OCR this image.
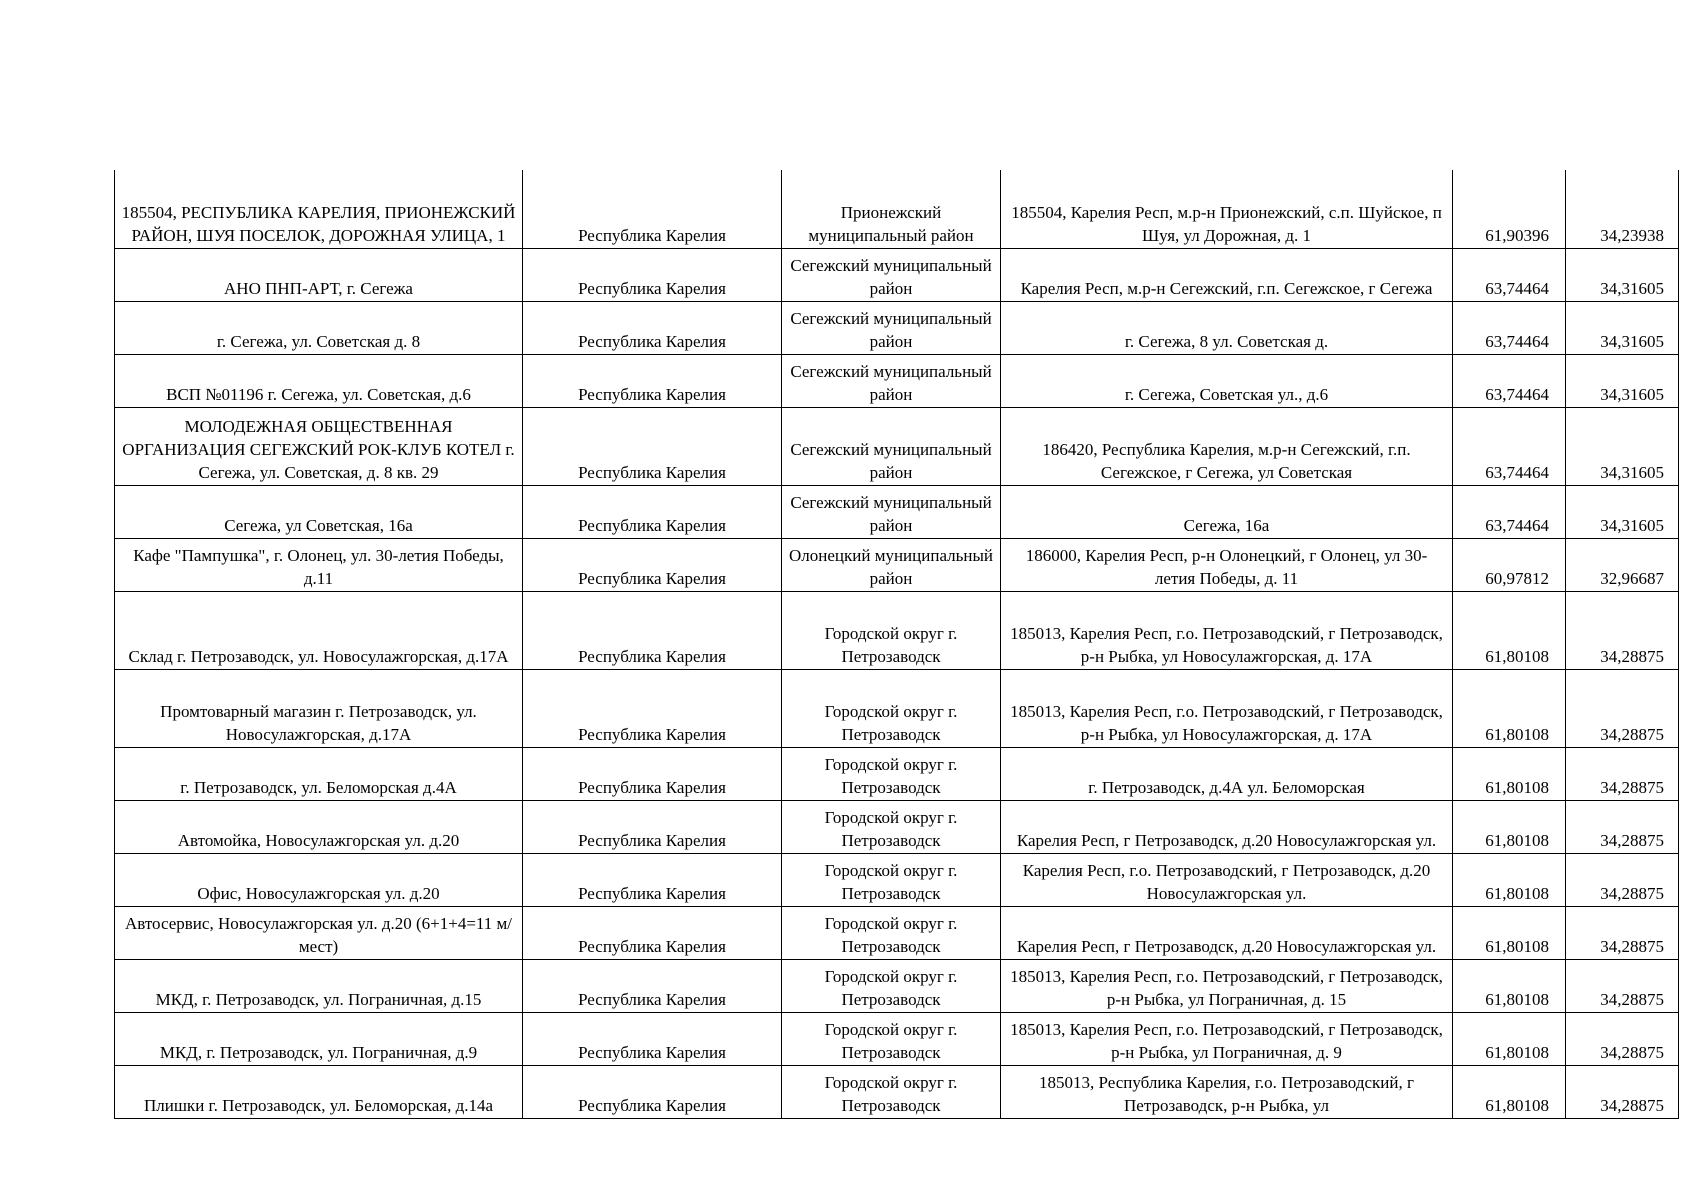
185504, РЕСПУБЛИКА КАРЕЛИЯ, ПРИОНЕЖСКИЙ РАЙОН, ШУЯ ПОСЕЛОК, ДОРОЖНАЯ УЛИЦА, 1	Республика Карелия	Прионежский муниципальный район	185504, Карелия Респ, м.р-н Прионежский, с.п. Шуйское, п Шуя, ул Дорожная, д. 1	61,90396	34,23938
АНО ПНП-АРТ, г. Сегежа	Республика Карелия	Сегежский муниципальный район	Карелия Респ, м.р-н Сегежский, г.п. Сегежское, г Сегежа	63,74464	34,31605
г. Сегежа, ул. Советская д. 8	Республика Карелия	Сегежский муниципальный район	г. Сегежа, 8 ул. Советская д.	63,74464	34,31605
ВСП №01196 г. Сегежа, ул. Советская, д.6	Республика Карелия	Сегежский муниципальный район	г. Сегежа, Советская ул., д.6	63,74464	34,31605
МОЛОДЕЖНАЯ ОБЩЕСТВЕННАЯ ОРГАНИЗАЦИЯ СЕГЕЖСКИЙ РОК-КЛУБ КОТЕЛ г. Сегежа, ул. Советская, д. 8 кв. 29	Республика Карелия	Сегежский муниципальный район	186420, Республика Карелия, м.р-н Сегежский, г.п. Сегежское, г Сегежа, ул Советская	63,74464	34,31605
Сегежа, ул Советская, 16а	Республика Карелия	Сегежский муниципальный район	Сегежа, 16а	63,74464	34,31605
Кафе "Пампушка", г. Олонец, ул. 30-летия Победы, д.11	Республика Карелия	Олонецкий муниципальный район	186000, Карелия Респ, р-н Олонецкий, г Олонец, ул 30-летия Победы, д. 11	60,97812	32,96687
Склад г. Петрозаводск, ул. Новосулажгорская, д.17А	Республика Карелия	Городской округ г. Петрозаводск	185013, Карелия Респ, г.о. Петрозаводский, г Петрозаводск, р-н Рыбка, ул Новосулажгорская, д. 17А	61,80108	34,28875
Промтоварный магазин г. Петрозаводск, ул. Новосулажгорская, д.17А	Республика Карелия	Городской округ г. Петрозаводск	185013, Карелия Респ, г.о. Петрозаводский, г Петрозаводск, р-н Рыбка, ул Новосулажгорская, д. 17А	61,80108	34,28875
г. Петрозаводск, ул. Беломорская д.4А	Республика Карелия	Городской округ г. Петрозаводск	г. Петрозаводск, д.4А ул. Беломорская	61,80108	34,28875
Автомойка, Новосулажгорская ул. д.20	Республика Карелия	Городской округ г. Петрозаводск	Карелия Респ, г Петрозаводск, д.20 Новосулажгорская ул.	61,80108	34,28875
Офис, Новосулажгорская ул. д.20	Республика Карелия	Городской округ г. Петрозаводск	Карелия Респ, г.о. Петрозаводский, г Петрозаводск, д.20 Новосулажгорская ул.	61,80108	34,28875
Автосервис, Новосулажгорская ул. д.20 (6+1+4=11 м/мест)	Республика Карелия	Городской округ г. Петрозаводск	Карелия Респ, г Петрозаводск, д.20 Новосулажгорская ул.	61,80108	34,28875
МКД, г. Петрозаводск, ул. Пограничная, д.15	Республика Карелия	Городской округ г. Петрозаводск	185013, Карелия Респ, г.о. Петрозаводский, г Петрозаводск, р-н Рыбка, ул Пограничная, д. 15	61,80108	34,28875
МКД, г. Петрозаводск, ул. Пограничная, д.9	Республика Карелия	Городской округ г. Петрозаводск	185013, Карелия Респ, г.о. Петрозаводский, г Петрозаводск, р-н Рыбка, ул Пограничная, д. 9	61,80108	34,28875
Плишки г. Петрозаводск, ул. Беломорская, д.14а	Республика Карелия	Городской округ г. Петрозаводск	185013, Республика Карелия, г.о. Петрозаводский, г Петрозаводск, р-н Рыбка, ул	61,80108	34,28875
